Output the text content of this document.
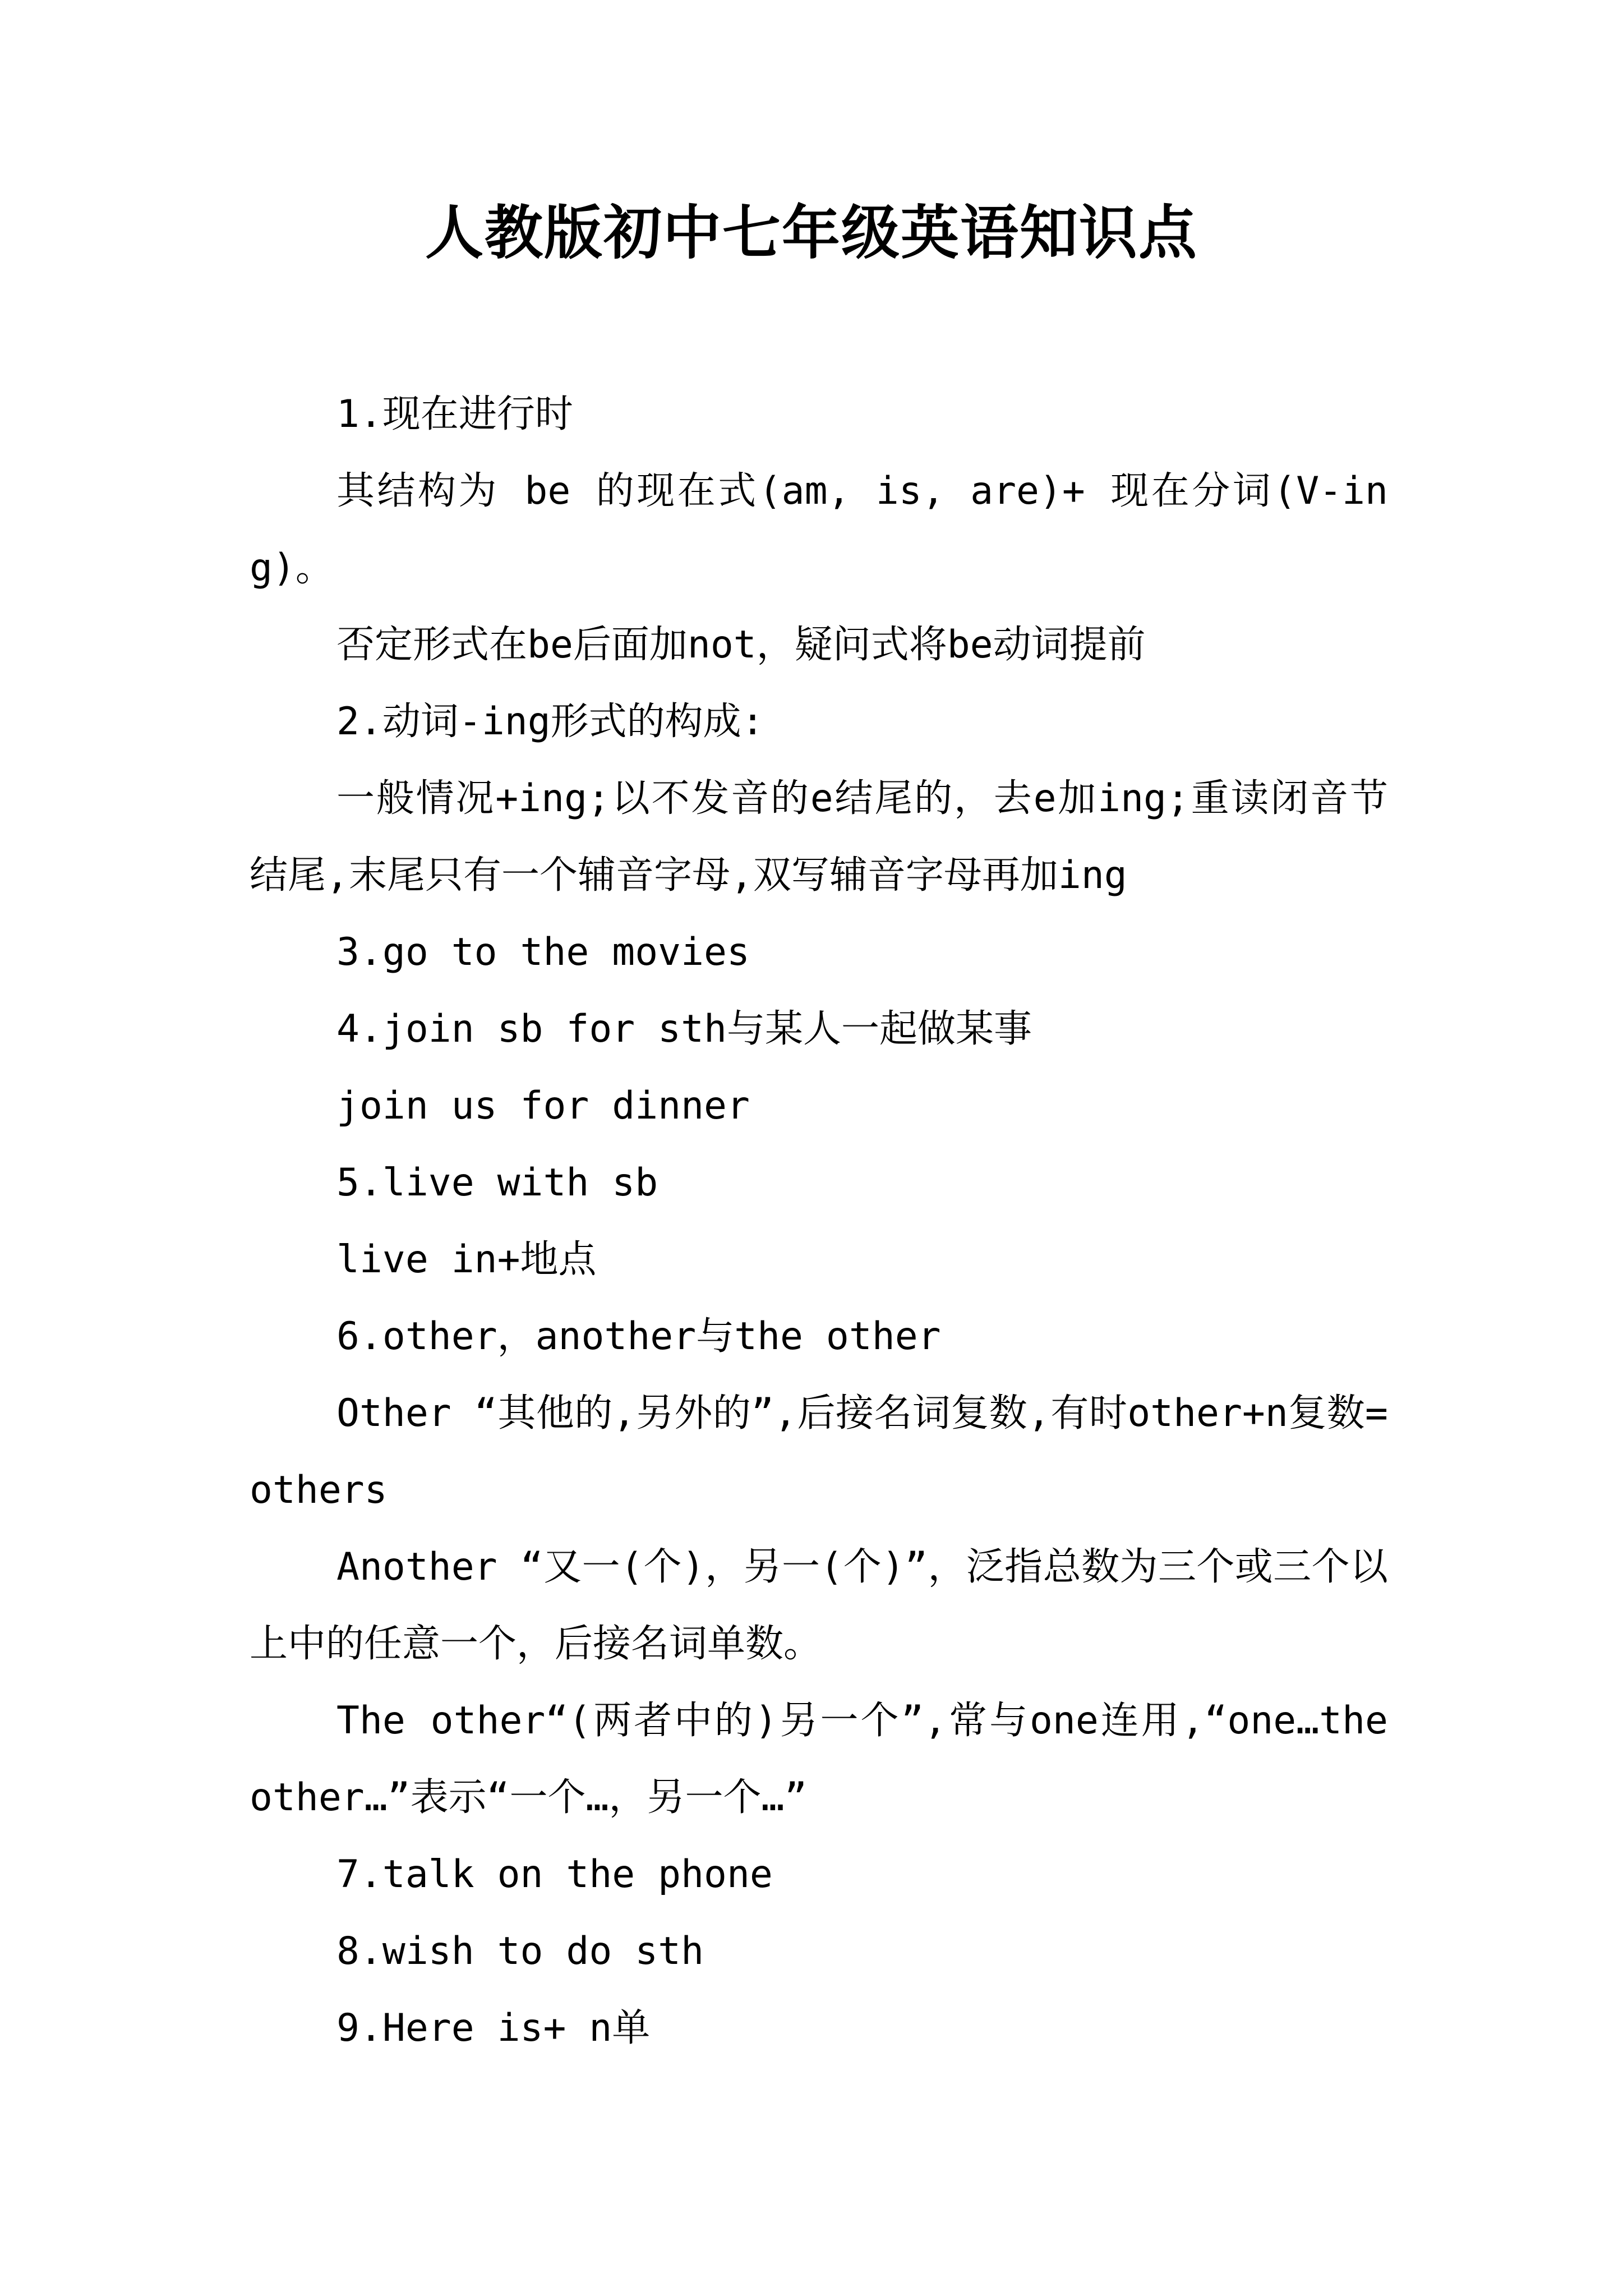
人教版初中七年级英语知识点

1.现在进行时

其结构为 be 的现在式(am, is, are)+ 现在分词(V-ing)。

否定形式在be后面加not，疑问式将be动词提前

2.动词-ing形式的构成:

一般情况+ing;以不发音的e结尾的，去e加ing;重读闭音节结尾,末尾只有一个辅音字母,双写辅音字母再加ing

3.go to the movies

4.join sb for sth与某人一起做某事

join us for dinner

5.live with sb

live in+地点

6.other，another与the other

Other “其他的,另外的”,后接名词复数,有时other+n复数=others

Another “又一(个)，另一(个)”，泛指总数为三个或三个以上中的任意一个，后接名词单数。

The other“(两者中的)另一个”,常与one连用,“one…the other…”表示“一个…，另一个…”

7.talk on the phone

8.wish to do sth

9.Here is+ n单
